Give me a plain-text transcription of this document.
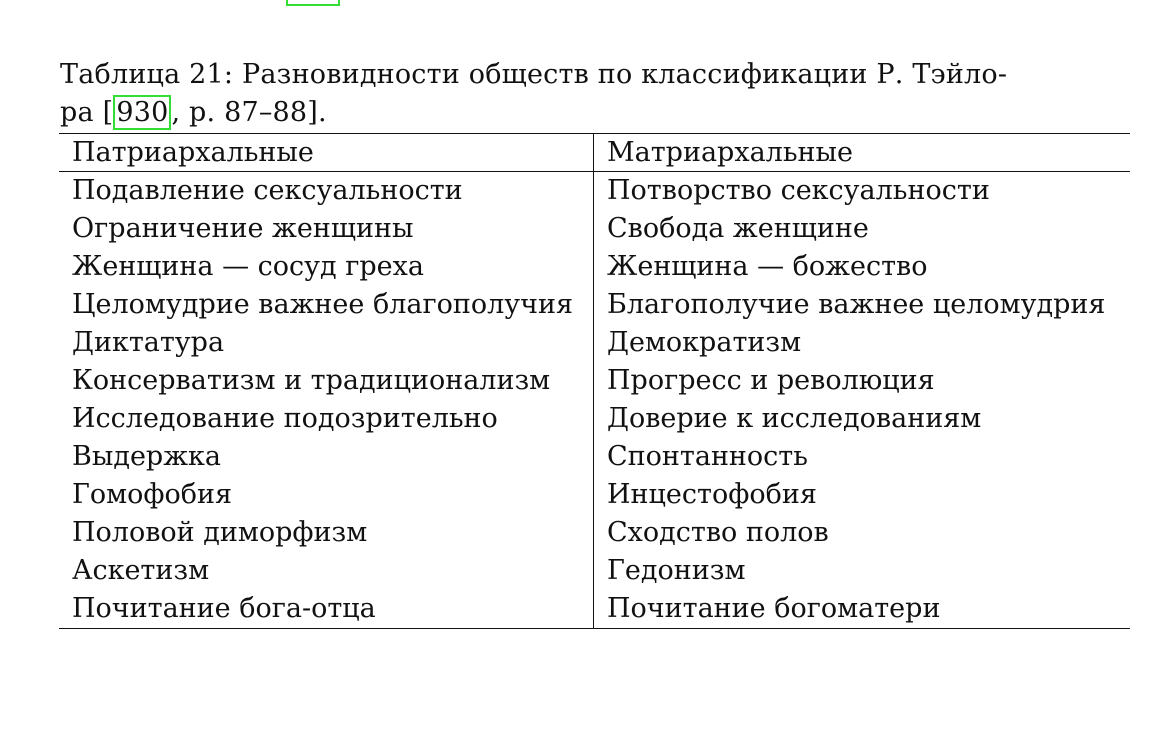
Таблица 21: Разновидности обществ по классификации Р. Тэйло-
ра [ 930 , р. 87–88].
Патриархальные	Матриархальные
Подавление сексуальности	Потворство сексуальности
Ограничение женщины	Свобода женщине
Женщина — сосуд греха	Женщина — божество
Целомудрие важнее благополучия	Благополучие важнее целомудрия
Диктатура	Демократизм
Консерватизм и традиционализм	Прогресс и революция
Исследование подозрительно	Доверие к исследованиям
Выдержка	Спонтанность
Гомофобия	Инцестофобия
Половой диморфизм	Сходство полов
Аскетизм	Гедонизм
Почитание бога-отца	Почитание богоматери
